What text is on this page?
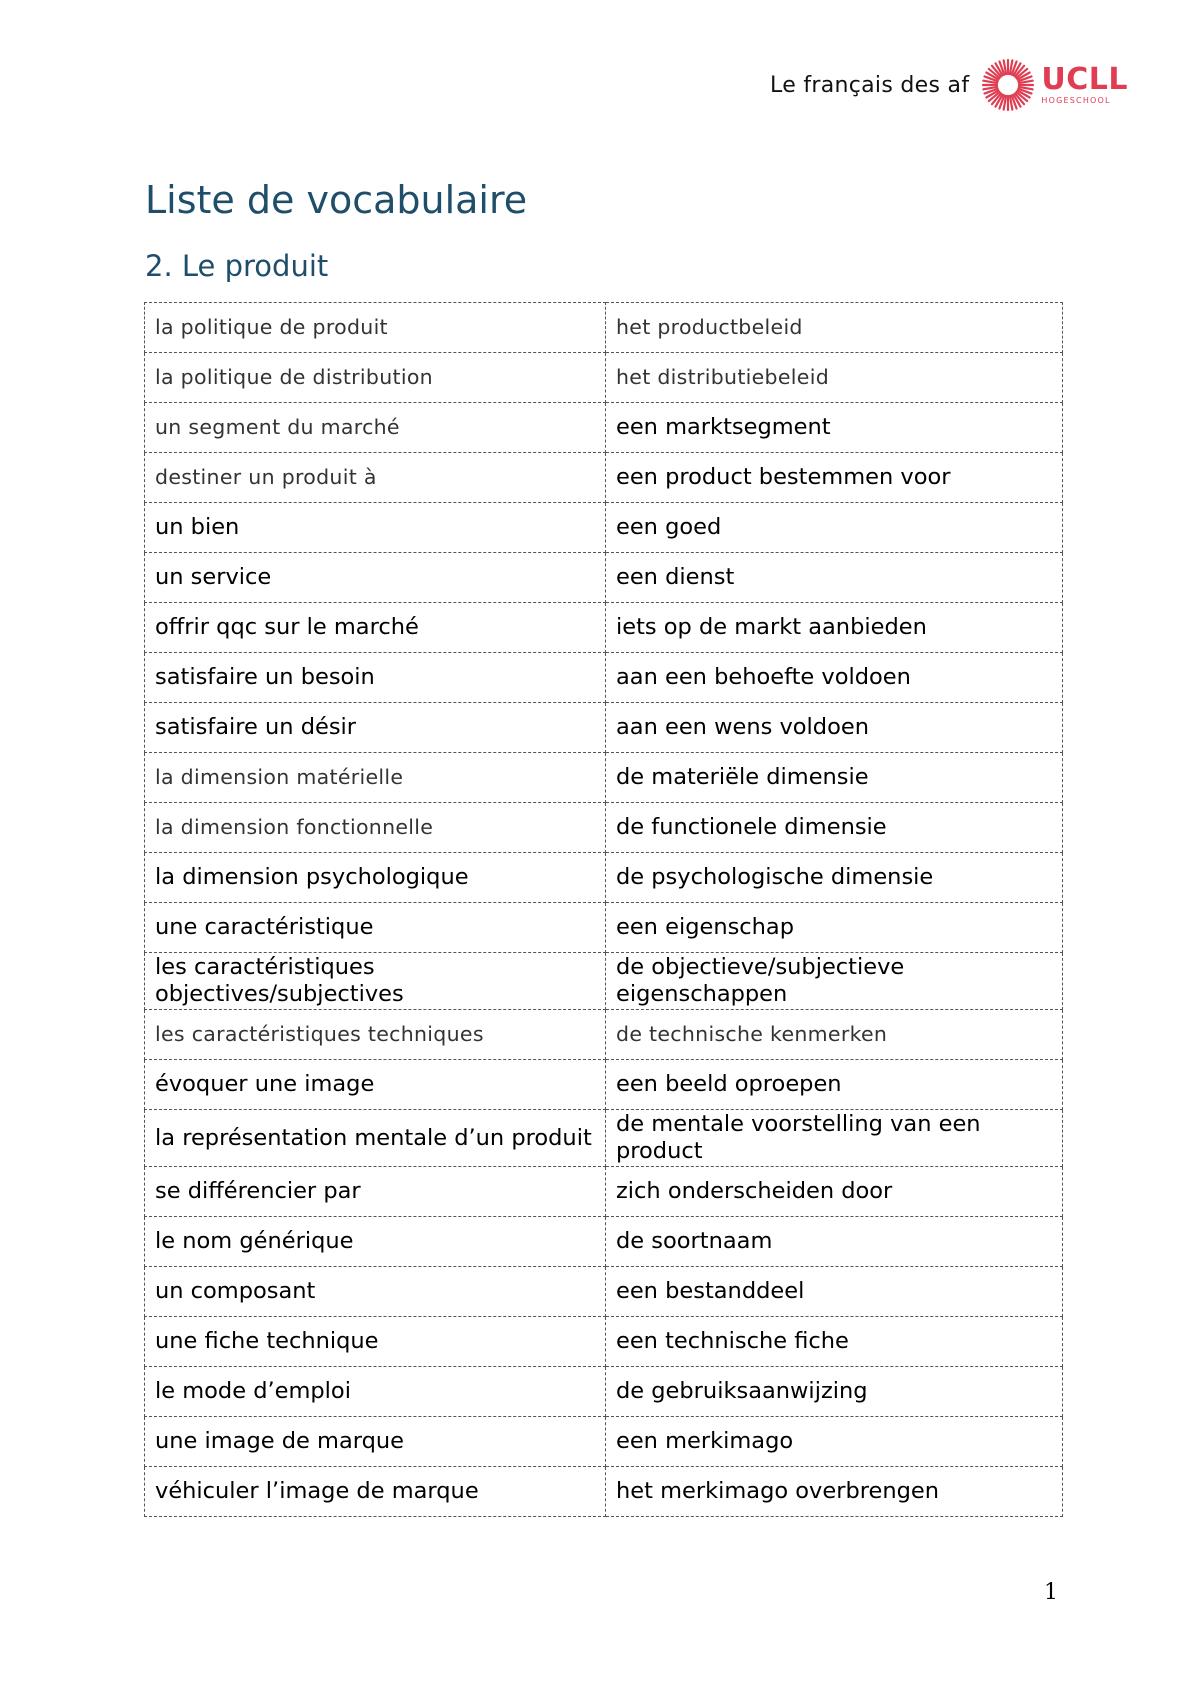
Le français des af UCLL
HOGESCHOOL
Liste de vocabulaire
2. Le produit
la politique de produit	het productbeleid
la politique de distribution	het distributiebeleid
un segment du marché	een marktsegment
destiner un produit à	een product bestemmen voor
un bien	een goed
un service	een dienst
offrir qqc sur le marché	iets op de markt aanbieden
satisfaire un besoin	aan een behoefte voldoen
satisfaire un désir	aan een wens voldoen
la dimension matérielle	de materiële dimensie
la dimension fonctionnelle	de functionele dimensie
la dimension psychologique	de psychologische dimensie
une caractéristique	een eigenschap
les caractéristiques objectives/subjectives	de objectieve/subjectieve eigenschappen
les caractéristiques techniques	de technische kenmerken
évoquer une image	een beeld oproepen
la représentation mentale d’un produit	de mentale voorstelling van een product
se différencier par	zich onderscheiden door
le nom générique	de soortnaam
un composant	een bestanddeel
une fiche technique	een technische fiche
le mode d’emploi	de gebruiksaanwijzing
une image de marque	een merkimago
véhiculer l’image de marque	het merkimago overbrengen
1
